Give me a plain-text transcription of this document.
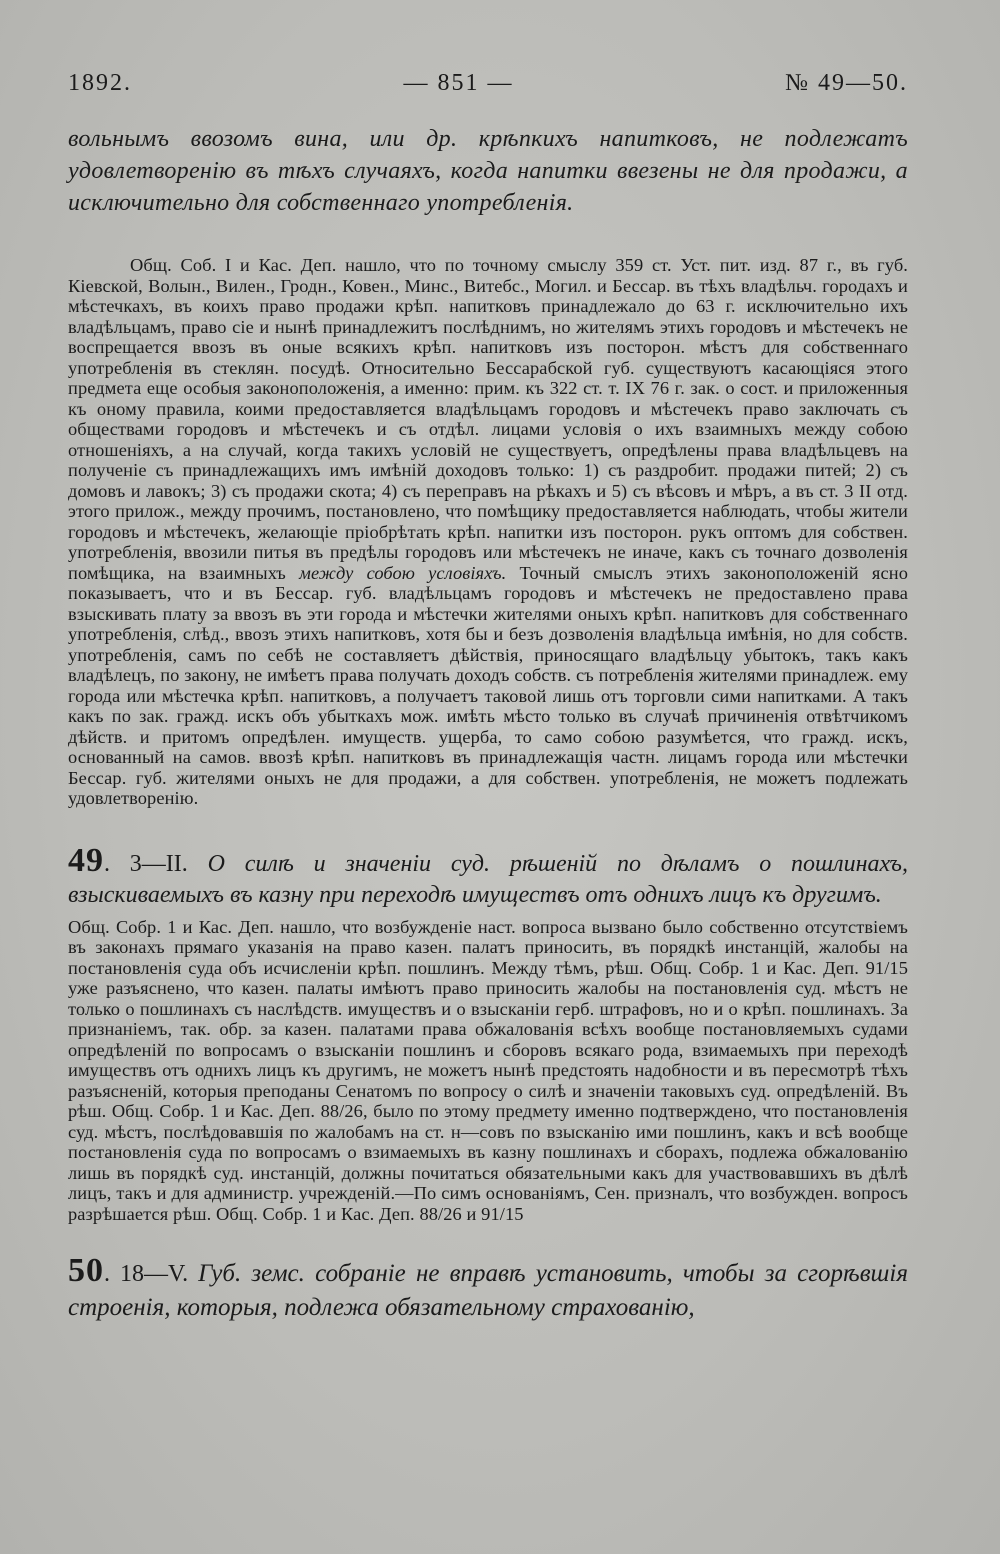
1892.	— 851 —	№ 49—50.

вольнымъ ввозомъ вина, или др. крѣпкихъ напитковъ, не подлежатъ удовлетворенію въ тѣхъ случаяхъ, когда напитки ввезены не для продажи, а исключительно для собственнаго употребленія.

Общ. Соб. I и Кас. Деп. нашло, что по точному смыслу 359 ст. Уст. пит. изд. 87 г., въ губ. Кіевской, Волын., Вилен., Гродн., Ковен., Минс., Витебс., Могил. и Бессар. въ тѣхъ владѣльч. городахъ и мѣстечкахъ, въ коихъ право продажи крѣп. напитковъ принадлежало до 63 г. исключительно ихъ владѣльцамъ, право сіе и нынѣ принадлежитъ послѣднимъ, но жителямъ этихъ городовъ и мѣстечекъ не воспрещается ввозъ въ оные всякихъ крѣп. напитковъ изъ посторон. мѣстъ для собственнаго употребленія въ стеклян. посудѣ. Относительно Бессарабской губ. существуютъ касающіяся этого предмета еще особыя законоположенія, а именно: прим. къ 322 ст. т. IX 76 г. зак. о сост. и приложенныя къ оному правила, коими предоставляется владѣльцамъ городовъ и мѣстечекъ право заключать съ обществами городовъ и мѣстечекъ и съ отдѣл. лицами условія о ихъ взаимныхъ между собою отношеніяхъ, а на случай, когда такихъ условій не существуетъ, опредѣлены права владѣльцевъ на полученіе съ принадлежащихъ имъ имѣній доходовъ только: 1) съ раздробит. продажи питей; 2) съ домовъ и лавокъ; 3) съ продажи скота; 4) съ переправъ на рѣкахъ и 5) съ вѣсовъ и мѣръ, а въ ст. 3 II отд. этого прилож., между прочимъ, постановлено, что помѣщику предоставляется наблюдать, чтобы жители городовъ и мѣстечекъ, желающіе пріобрѣтать крѣп. напитки изъ посторон. рукъ оптомъ для собствен. употребленія, ввозили питья въ предѣлы городовъ или мѣстечекъ не иначе, какъ съ точнаго дозволенія помѣщика, на взаимныхъ между собою условіяхъ. Точный смыслъ этихъ законоположеній ясно показываетъ, что и въ Бессар. губ. владѣльцамъ городовъ и мѣстечекъ не предоставлено права взыскивать плату за ввозъ въ эти города и мѣстечки жителями оныхъ крѣп. напитковъ для собственнаго употребленія, слѣд., ввозъ этихъ напитковъ, хотя бы и безъ дозволенія владѣльца имѣнія, но для собств. употребленія, самъ по себѣ не составляетъ дѣйствія, приносящаго владѣльцу убытокъ, такъ какъ владѣлецъ, по закону, не имѣетъ права получать доходъ собств. съ потребленія жителями принадлеж. ему города или мѣстечка крѣп. напитковъ, а получаетъ таковой лишь отъ торговли сими напитками. А такъ какъ по зак. гражд. искъ объ убыткахъ мож. имѣть мѣсто только въ случаѣ причиненія отвѣтчикомъ дѣйств. и притомъ опредѣлен. имуществ. ущерба, то само собою разумѣется, что гражд. искъ, основанный на самов. ввозѣ крѣп. напитковъ въ принадлежащія частн. лицамъ города или мѣстечки Бессар. губ. жителями оныхъ не для продажи, а для собствен. употребленія, не можетъ подлежать удовлетворенію.

49. 3—II. О силѣ и значеніи суд. рѣшеній по дѣламъ о пошлинахъ, взыскиваемыхъ въ казну при переходѣ имуществъ отъ однихъ лицъ къ другимъ.

Общ. Собр. 1 и Кас. Деп. нашло, что возбужденіе наст. вопроса вызвано было собственно отсутствіемъ въ законахъ прямаго указанія на право казен. палатъ приносить, въ порядкѣ инстанцій, жалобы на постановленія суда объ исчисленіи крѣп. пошлинъ. Между тѣмъ, рѣш. Общ. Собр. 1 и Кас. Деп. 91/15 уже разъяснено, что казен. палаты имѣютъ право приносить жалобы на постановленія суд. мѣстъ не только о пошлинахъ съ наслѣдств. имуществъ и о взысканіи герб. штрафовъ, но и о крѣп. пошлинахъ. За признаніемъ, так. обр. за казен. палатами права обжалованія всѣхъ вообще постановляемыхъ судами опредѣленій по вопросамъ о взысканіи пошлинъ и сборовъ всякаго рода, взимаемыхъ при переходѣ имуществъ отъ однихъ лицъ къ другимъ, не можетъ нынѣ предстоять надобности и въ пересмотрѣ тѣхъ разъясненій, которыя преподаны Сенатомъ по вопросу о силѣ и значеніи таковыхъ суд. опредѣленій. Въ рѣш. Общ. Собр. 1 и Кас. Деп. 88/26, было по этому предмету именно подтверждено, что постановленія суд. мѣстъ, послѣдовавшія по жалобамъ на ст. н—совъ по взысканію ими пошлинъ, какъ и всѣ вообще постановленія суда по вопросамъ о взимаемыхъ въ казну пошлинахъ и сборахъ, подлежа обжалованію лишь въ порядкѣ суд. инстанцій, должны почитаться обязательными какъ для участвовавшихъ въ дѣлѣ лицъ, такъ и для администр. учрежденій.—По симъ основаніямъ, Сен. призналъ, что возбужден. вопросъ разрѣшается рѣш. Общ. Собр. 1 и Кас. Деп. 88/26 и 91/15

50. 18—V. Губ. земс. собраніе не вправѣ установить, чтобы за сгорѣвшія строенія, которыя, подлежа обязательному страхованію,
